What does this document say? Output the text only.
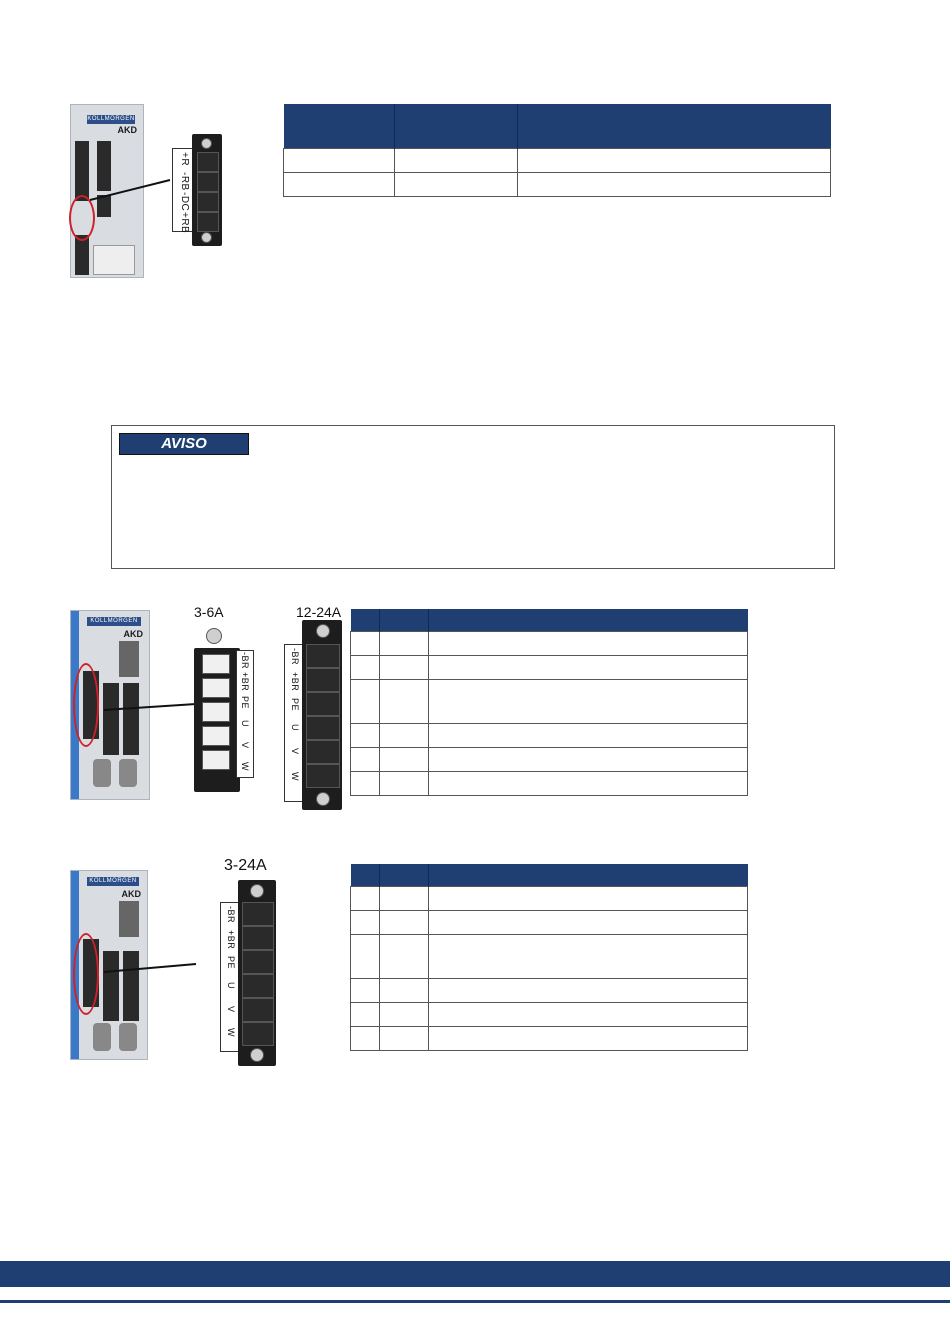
KOLLMORGEN
AKD
+R
-RB
-DC
+RB

AVISO
KOLLMORGEN
AKD
3-6A	12-24A
-BR
+BR
PE
U
V
W
-BR
+BR
PE
U
V
W

KOLLMORGEN
AKD
3-24A
-BR
+BR
PE
U
V
W
